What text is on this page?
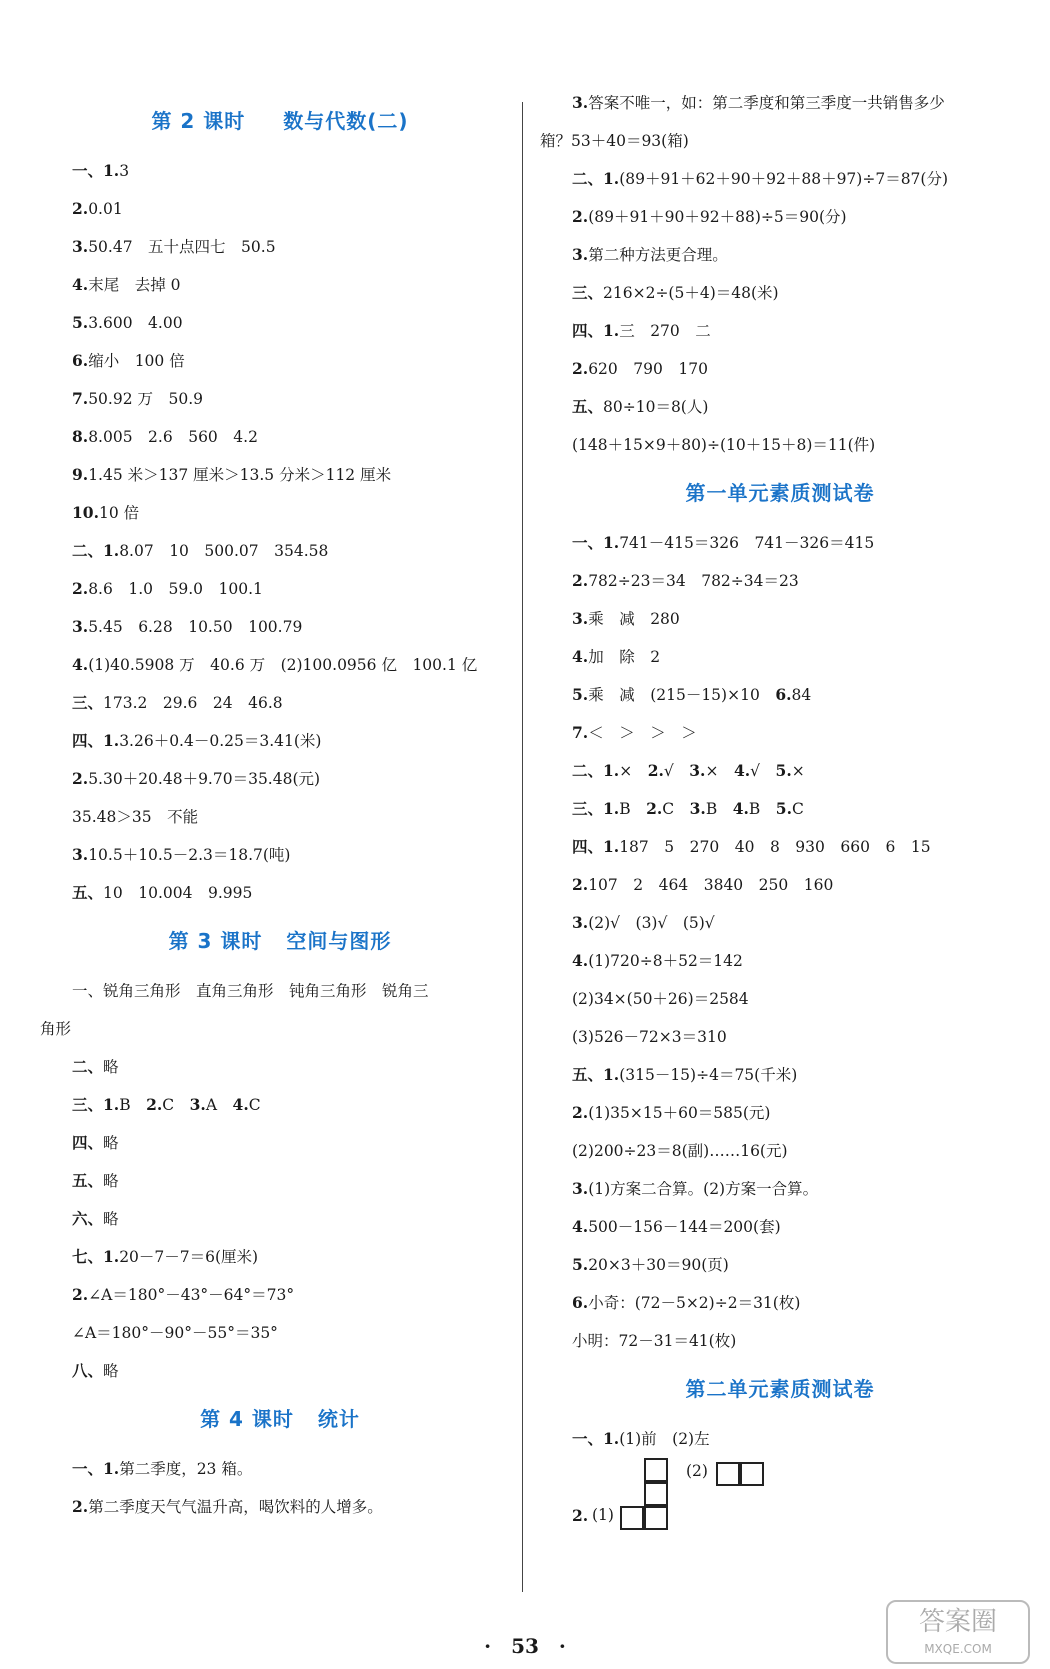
第 2 课时 数与代数(二)
一、1.3
2.0.01
3.50.47　五十点四七　50.5
4.末尾　去掉 0
5.3.600　4.00
6.缩小　100 倍
7.50.92 万　50.9
8.8.005　2.6　560　4.2
9.1.45 米＞137 厘米＞13.5 分米＞112 厘米
10.10 倍
二、1.8.07　10　500.07　354.58
2.8.6　1.0　59.0　100.1
3.5.45　6.28　10.50　100.79
4.(1)40.5908 万　40.6 万　(2)100.0956 亿　100.1 亿
三、173.2　29.6　24　46.8
四、1.3.26＋0.4－0.25＝3.41(米)
2.5.30＋20.48＋9.70＝35.48(元)
35.48＞35　不能
3.10.5＋10.5－2.3＝18.7(吨)
五、10　10.004　9.995
第 3 课时 空间与图形
一、锐角三角形　直角三角形　钝角三角形　锐角三
角形
二、略
三、1.B　2.C　3.A　4.C
四、略
五、略
六、略
七、1.20－7－7＝6(厘米)
2.∠A＝180°－43°－64°＝73°
∠A＝180°－90°－55°＝35°
八、略
第 4 课时 统计
一、1.第二季度，23 箱。
2.第二季度天气气温升高，喝饮料的人增多。
3.答案不唯一，如：第二季度和第三季度一共销售多少
箱？53＋40＝93(箱)
二、1.(89＋91＋62＋90＋92＋88＋97)÷7＝87(分)
2.(89＋91＋90＋92＋88)÷5＝90(分)
3.第二种方法更合理。
三、216×2÷(5＋4)＝48(米)
四、1.三　270　二
2.620　790　170
五、80÷10＝8(人)
(148＋15×9＋80)÷(10＋15＋8)＝11(件)
第一单元素质测试卷
一、1.741－415＝326　741－326＝415
2.782÷23＝34　782÷34＝23
3.乘　减　280
4.加　除　2
5.乘　减　(215－15)×10　6.84
7.＜　＞　＞　＞
二、1.×　2.√　3.×　4.√　5.×
三、1.B　2.C　3.B　4.B　5.C
四、1.187　5　270　40　8　930　660　6　15
2.107　2　464　3840　250　160
3.(2)√　(3)√　(5)√
4.(1)720÷8＋52＝142
(2)34×(50＋26)＝2584
(3)526－72×3＝310
五、1.(315－15)÷4＝75(千米)
2.(1)35×15＋60＝585(元)
(2)200÷23＝8(副)……16(元)
3.(1)方案二合算。(2)方案一合算。
4.500－156－144＝200(套)
5.20×3＋30＝90(页)
6.小奇：(72－5×2)÷2＝31(枚)
小明：72－31＝41(枚)
第二单元素质测试卷
一、1.(1)前　(2)左
2. (1)
(2)
·　53　·
答案圈
MXQE.COM
